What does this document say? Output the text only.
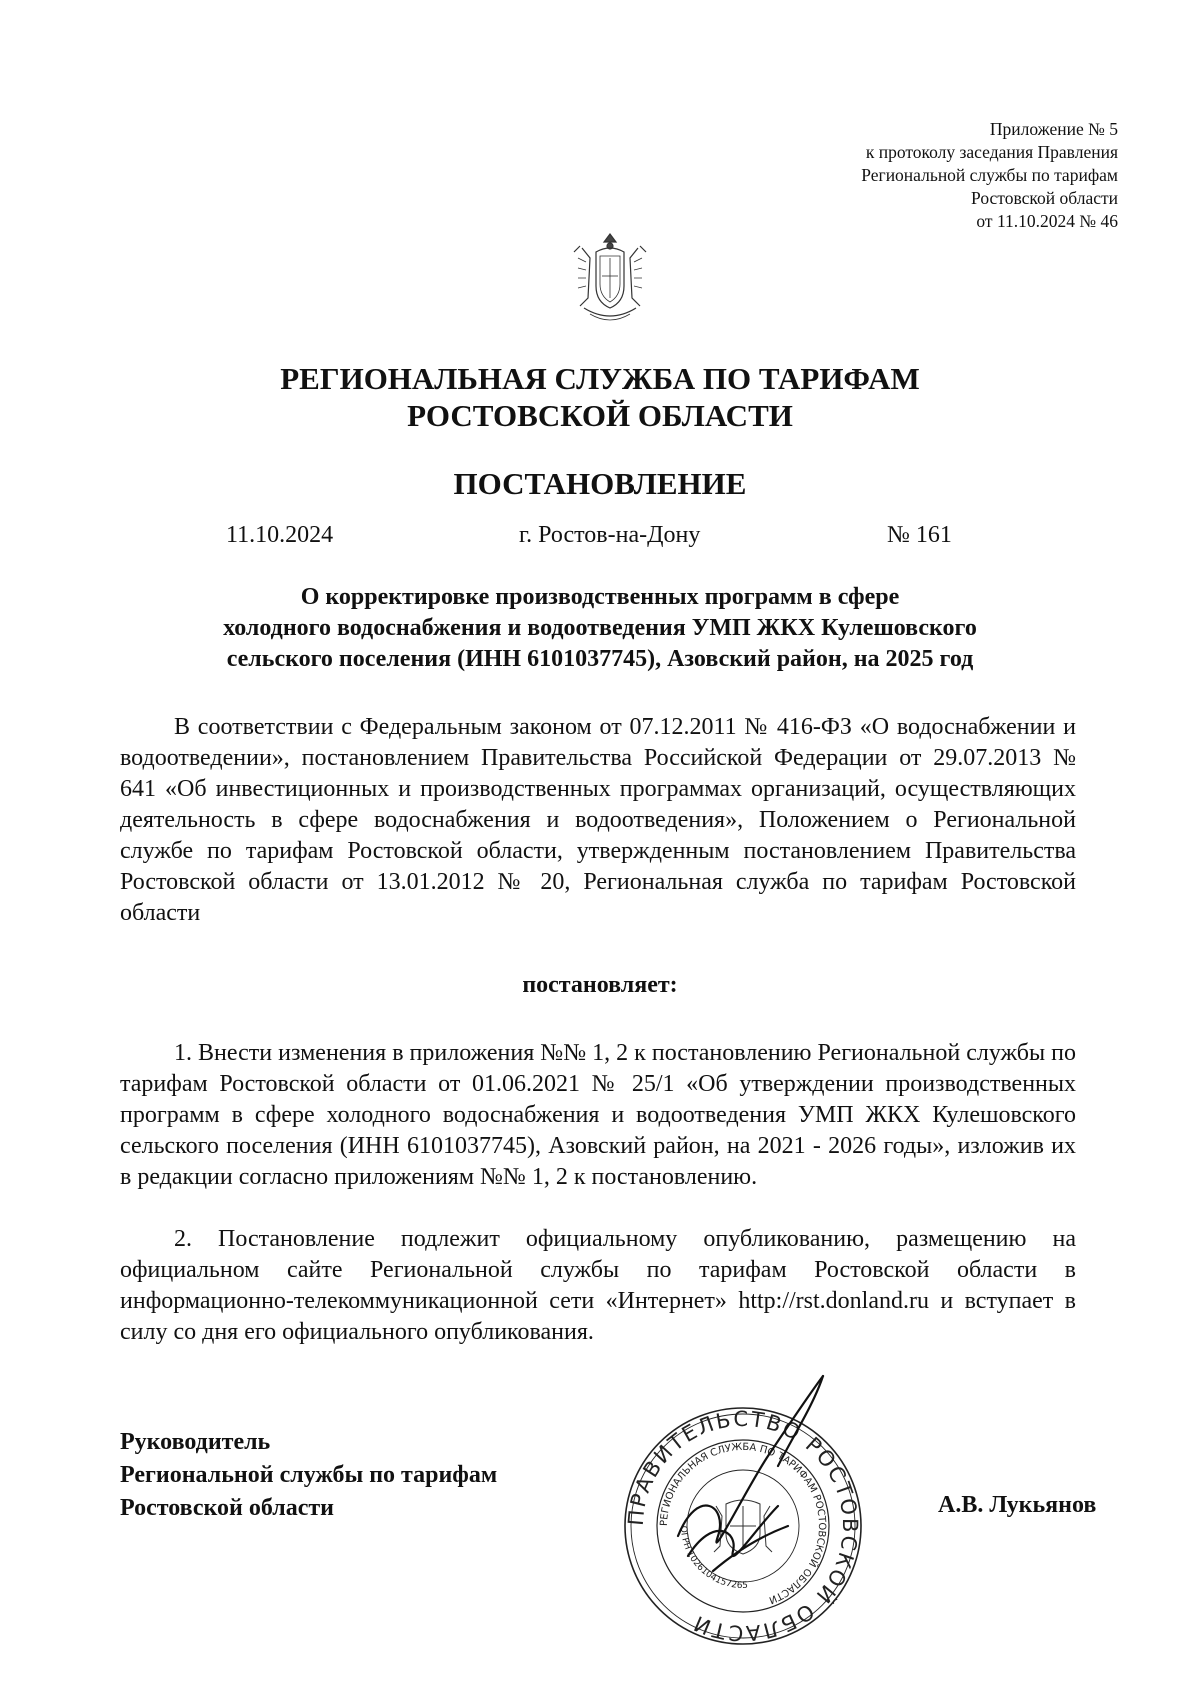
Приложение № 5
к протоколу заседания Правления
Региональной службы по тарифам
Ростовской области
от 11.10.2024 № 46
РЕГИОНАЛЬНАЯ СЛУЖБА ПО ТАРИФАМ
РОСТОВСКОЙ ОБЛАСТИ
ПОСТАНОВЛЕНИЕ
11.10.2024	г. Ростов-на-Дону	№ 161
О корректировке производственных программ в сфере
холодного водоснабжения и водоотведения УМП ЖКХ Кулешовского
сельского поселения (ИНН 6101037745), Азовский район, на 2025 год
В соответствии с Федеральным законом от 07.12.2011 № 416-ФЗ «О водоснабжении и водоотведении», постановлением Правительства Российской Федерации от 29.07.2013 № 641 «Об инвестиционных и производственных программах организаций, осуществляющих деятельность в сфере водоснабжения и водоотведения», Положением о Региональной службе по тарифам Ростовской области, утвержденным постановлением Правительства Ростовской области от 13.01.2012 № 20, Региональная служба по тарифам Ростовской области
постановляет:
1. Внести изменения в приложения №№ 1, 2 к постановлению Региональной службы по тарифам Ростовской области от 01.06.2021 № 25/1 «Об утверждении производственных программ в сфере холодного водоснабжения и водоотведения УМП ЖКХ Кулешовского сельского поселения (ИНН 6101037745), Азовский район, на 2021 - 2026 годы», изложив их в редакции согласно приложениям №№ 1, 2 к постановлению.
2. Постановление подлежит официальному опубликованию, размещению на официальном сайте Региональной службы по тарифам Ростовской области в информационно-телекоммуникационной сети «Интернет» http://rst.donland.ru и вступает в силу со дня его официального опубликования.
Руководитель
Региональной службы по тарифам
Ростовской области	ПРАВИТЕЛЬСТВО РОСТОВСКОЙ ОБЛАСТИ
РЕГИОНАЛЬНАЯ СЛУЖБА ПО ТАРИФАМ РОСТОВСКОЙ ОБЛАСТИ
ОГРН 1026104157265
А.В. Лукьянов
